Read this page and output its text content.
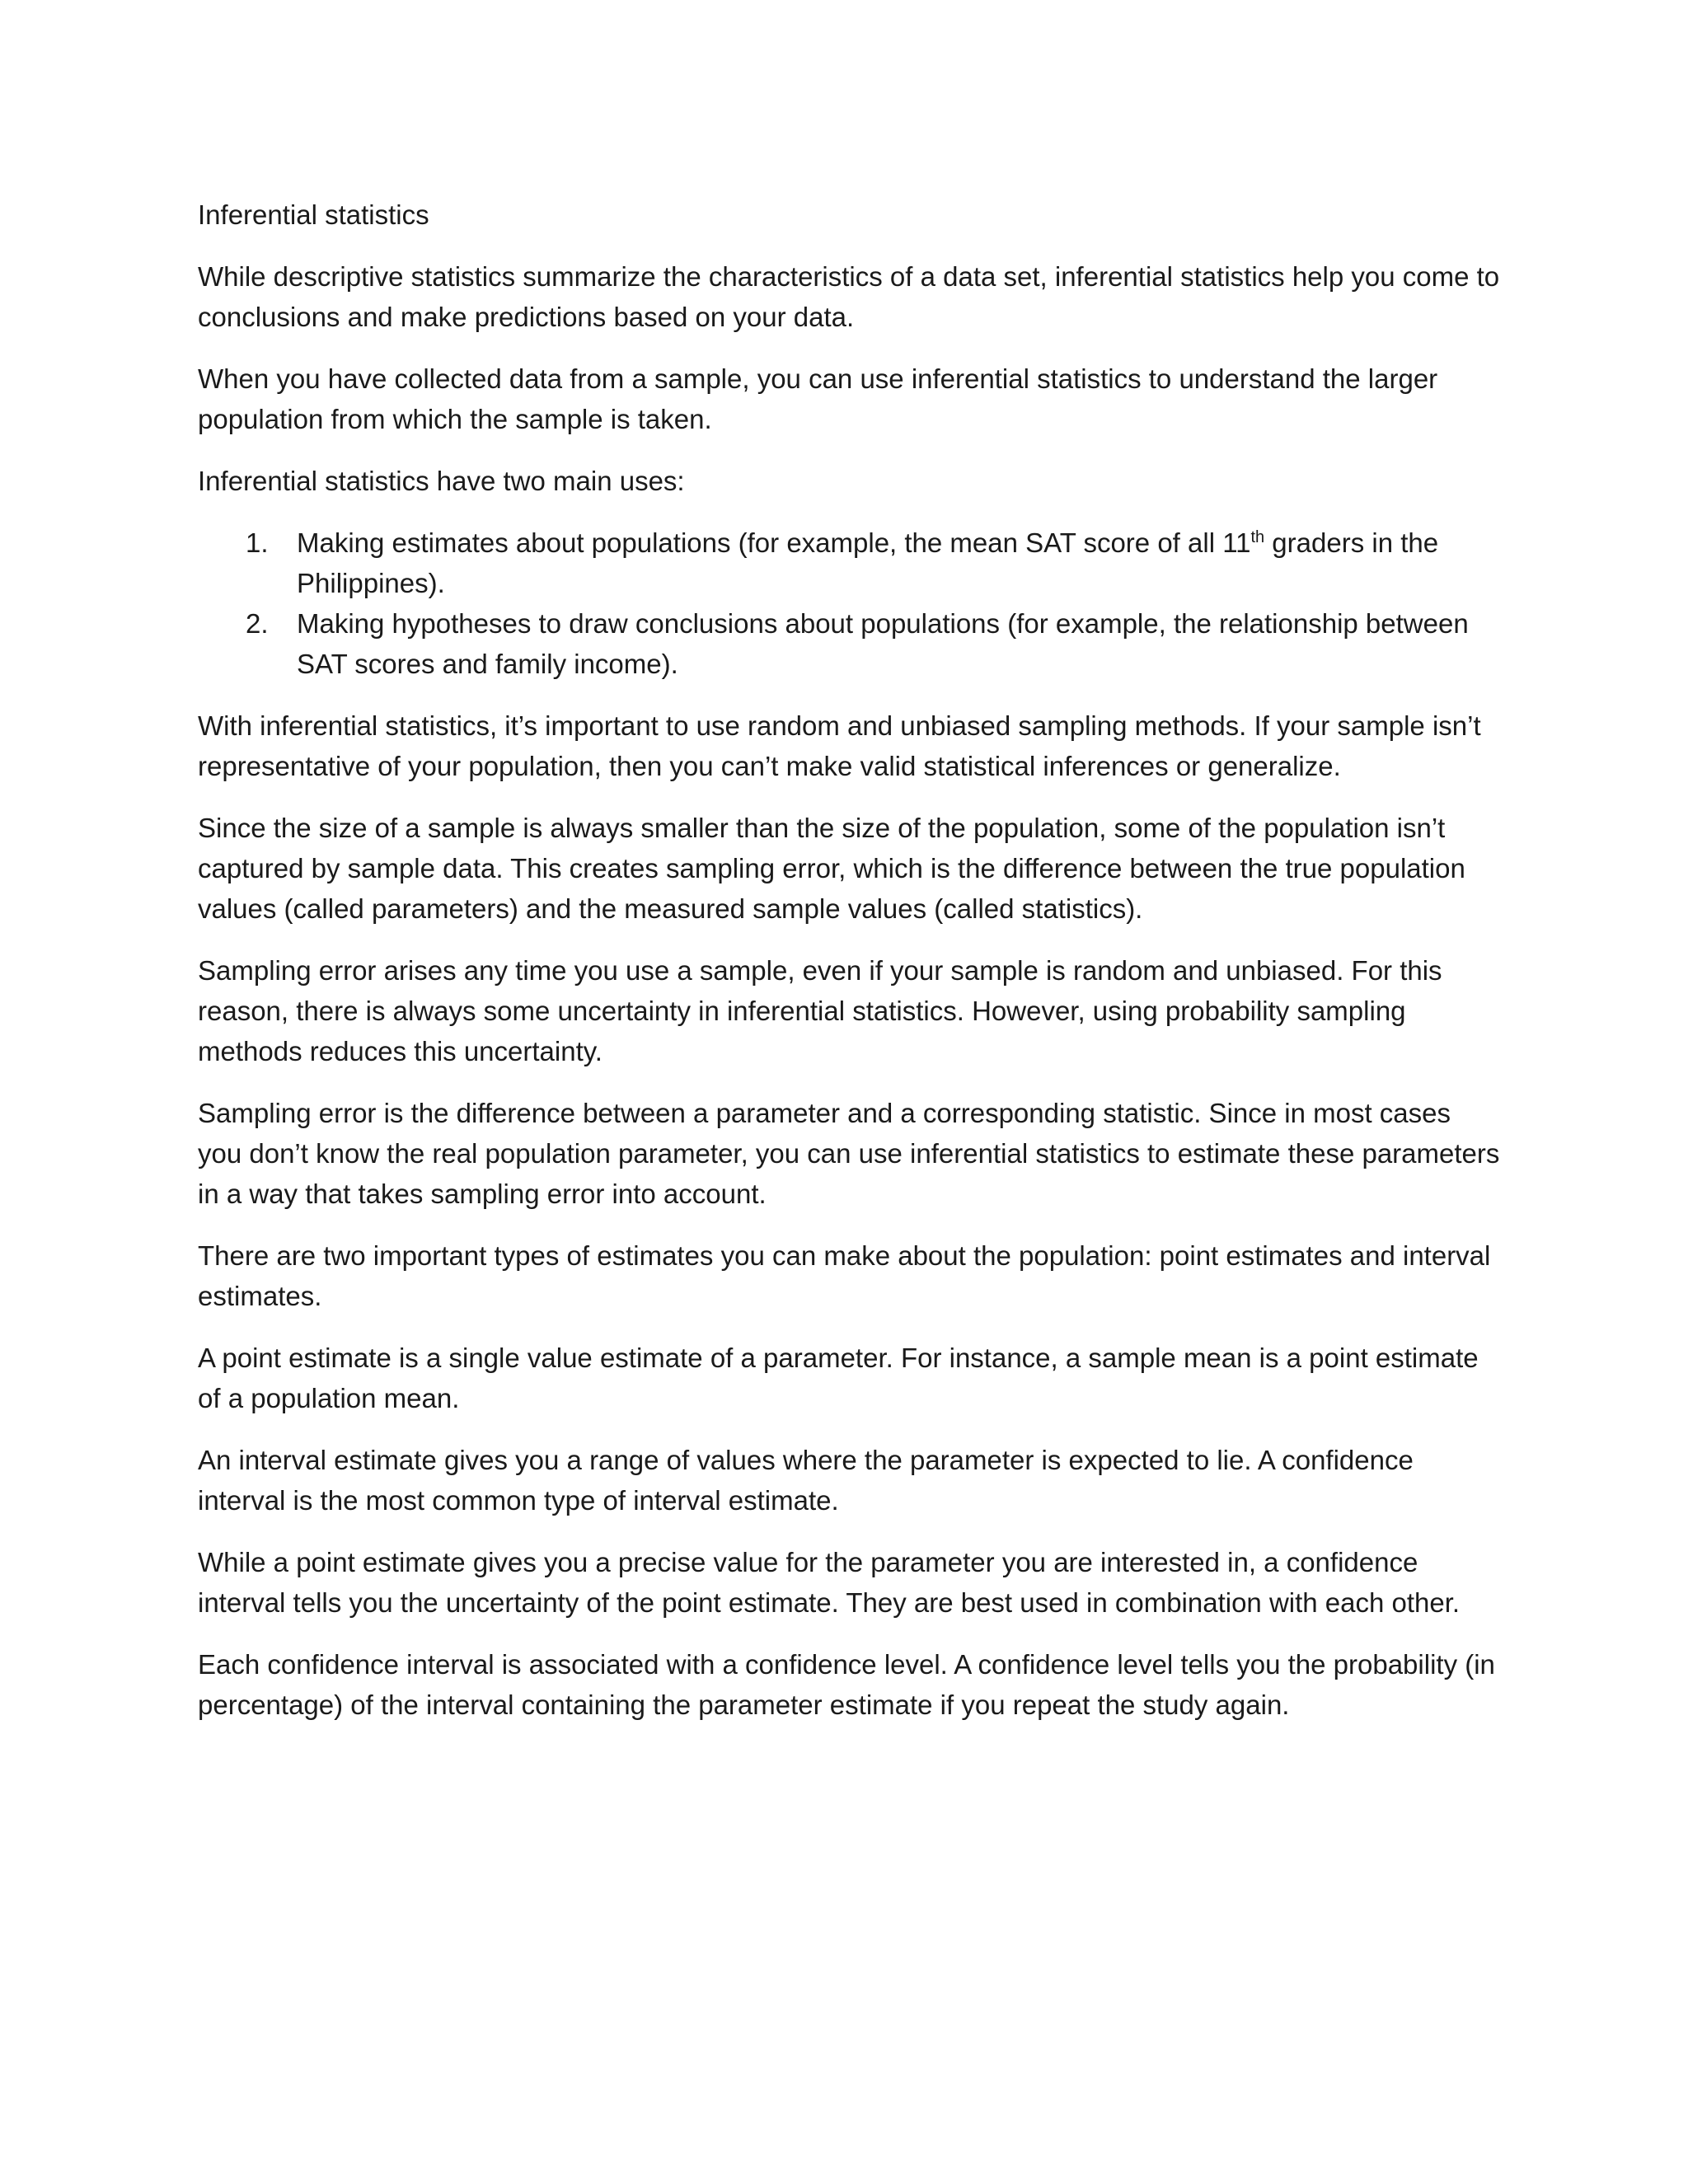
Inferential statistics

While descriptive statistics summarize the characteristics of a data set, inferential statistics help you come to conclusions and make predictions based on your data.

When you have collected data from a sample, you can use inferential statistics to understand the larger population from which the sample is taken.

Inferential statistics have two main uses:

1. Making estimates about populations (for example, the mean SAT score of all 11th graders in the Philippines).
2. Making hypotheses to draw conclusions about populations (for example, the relationship between SAT scores and family income).

With inferential statistics, it’s important to use random and unbiased sampling methods. If your sample isn’t representative of your population, then you can’t make valid statistical inferences or generalize.

Since the size of a sample is always smaller than the size of the population, some of the population isn’t captured by sample data. This creates sampling error, which is the difference between the true population values (called parameters) and the measured sample values (called statistics).

Sampling error arises any time you use a sample, even if your sample is random and unbiased. For this reason, there is always some uncertainty in inferential statistics. However, using probability sampling methods reduces this uncertainty.

Sampling error is the difference between a parameter and a corresponding statistic. Since in most cases you don’t know the real population parameter, you can use inferential statistics to estimate these parameters in a way that takes sampling error into account.

There are two important types of estimates you can make about the population: point estimates and interval estimates.

A point estimate is a single value estimate of a parameter. For instance, a sample mean is a point estimate of a population mean.

An interval estimate gives you a range of values where the parameter is expected to lie. A confidence interval is the most common type of interval estimate.

While a point estimate gives you a precise value for the parameter you are interested in, a confidence interval tells you the uncertainty of the point estimate. They are best used in combination with each other.

Each confidence interval is associated with a confidence level. A confidence level tells you the probability (in percentage) of the interval containing the parameter estimate if you repeat the study again.
